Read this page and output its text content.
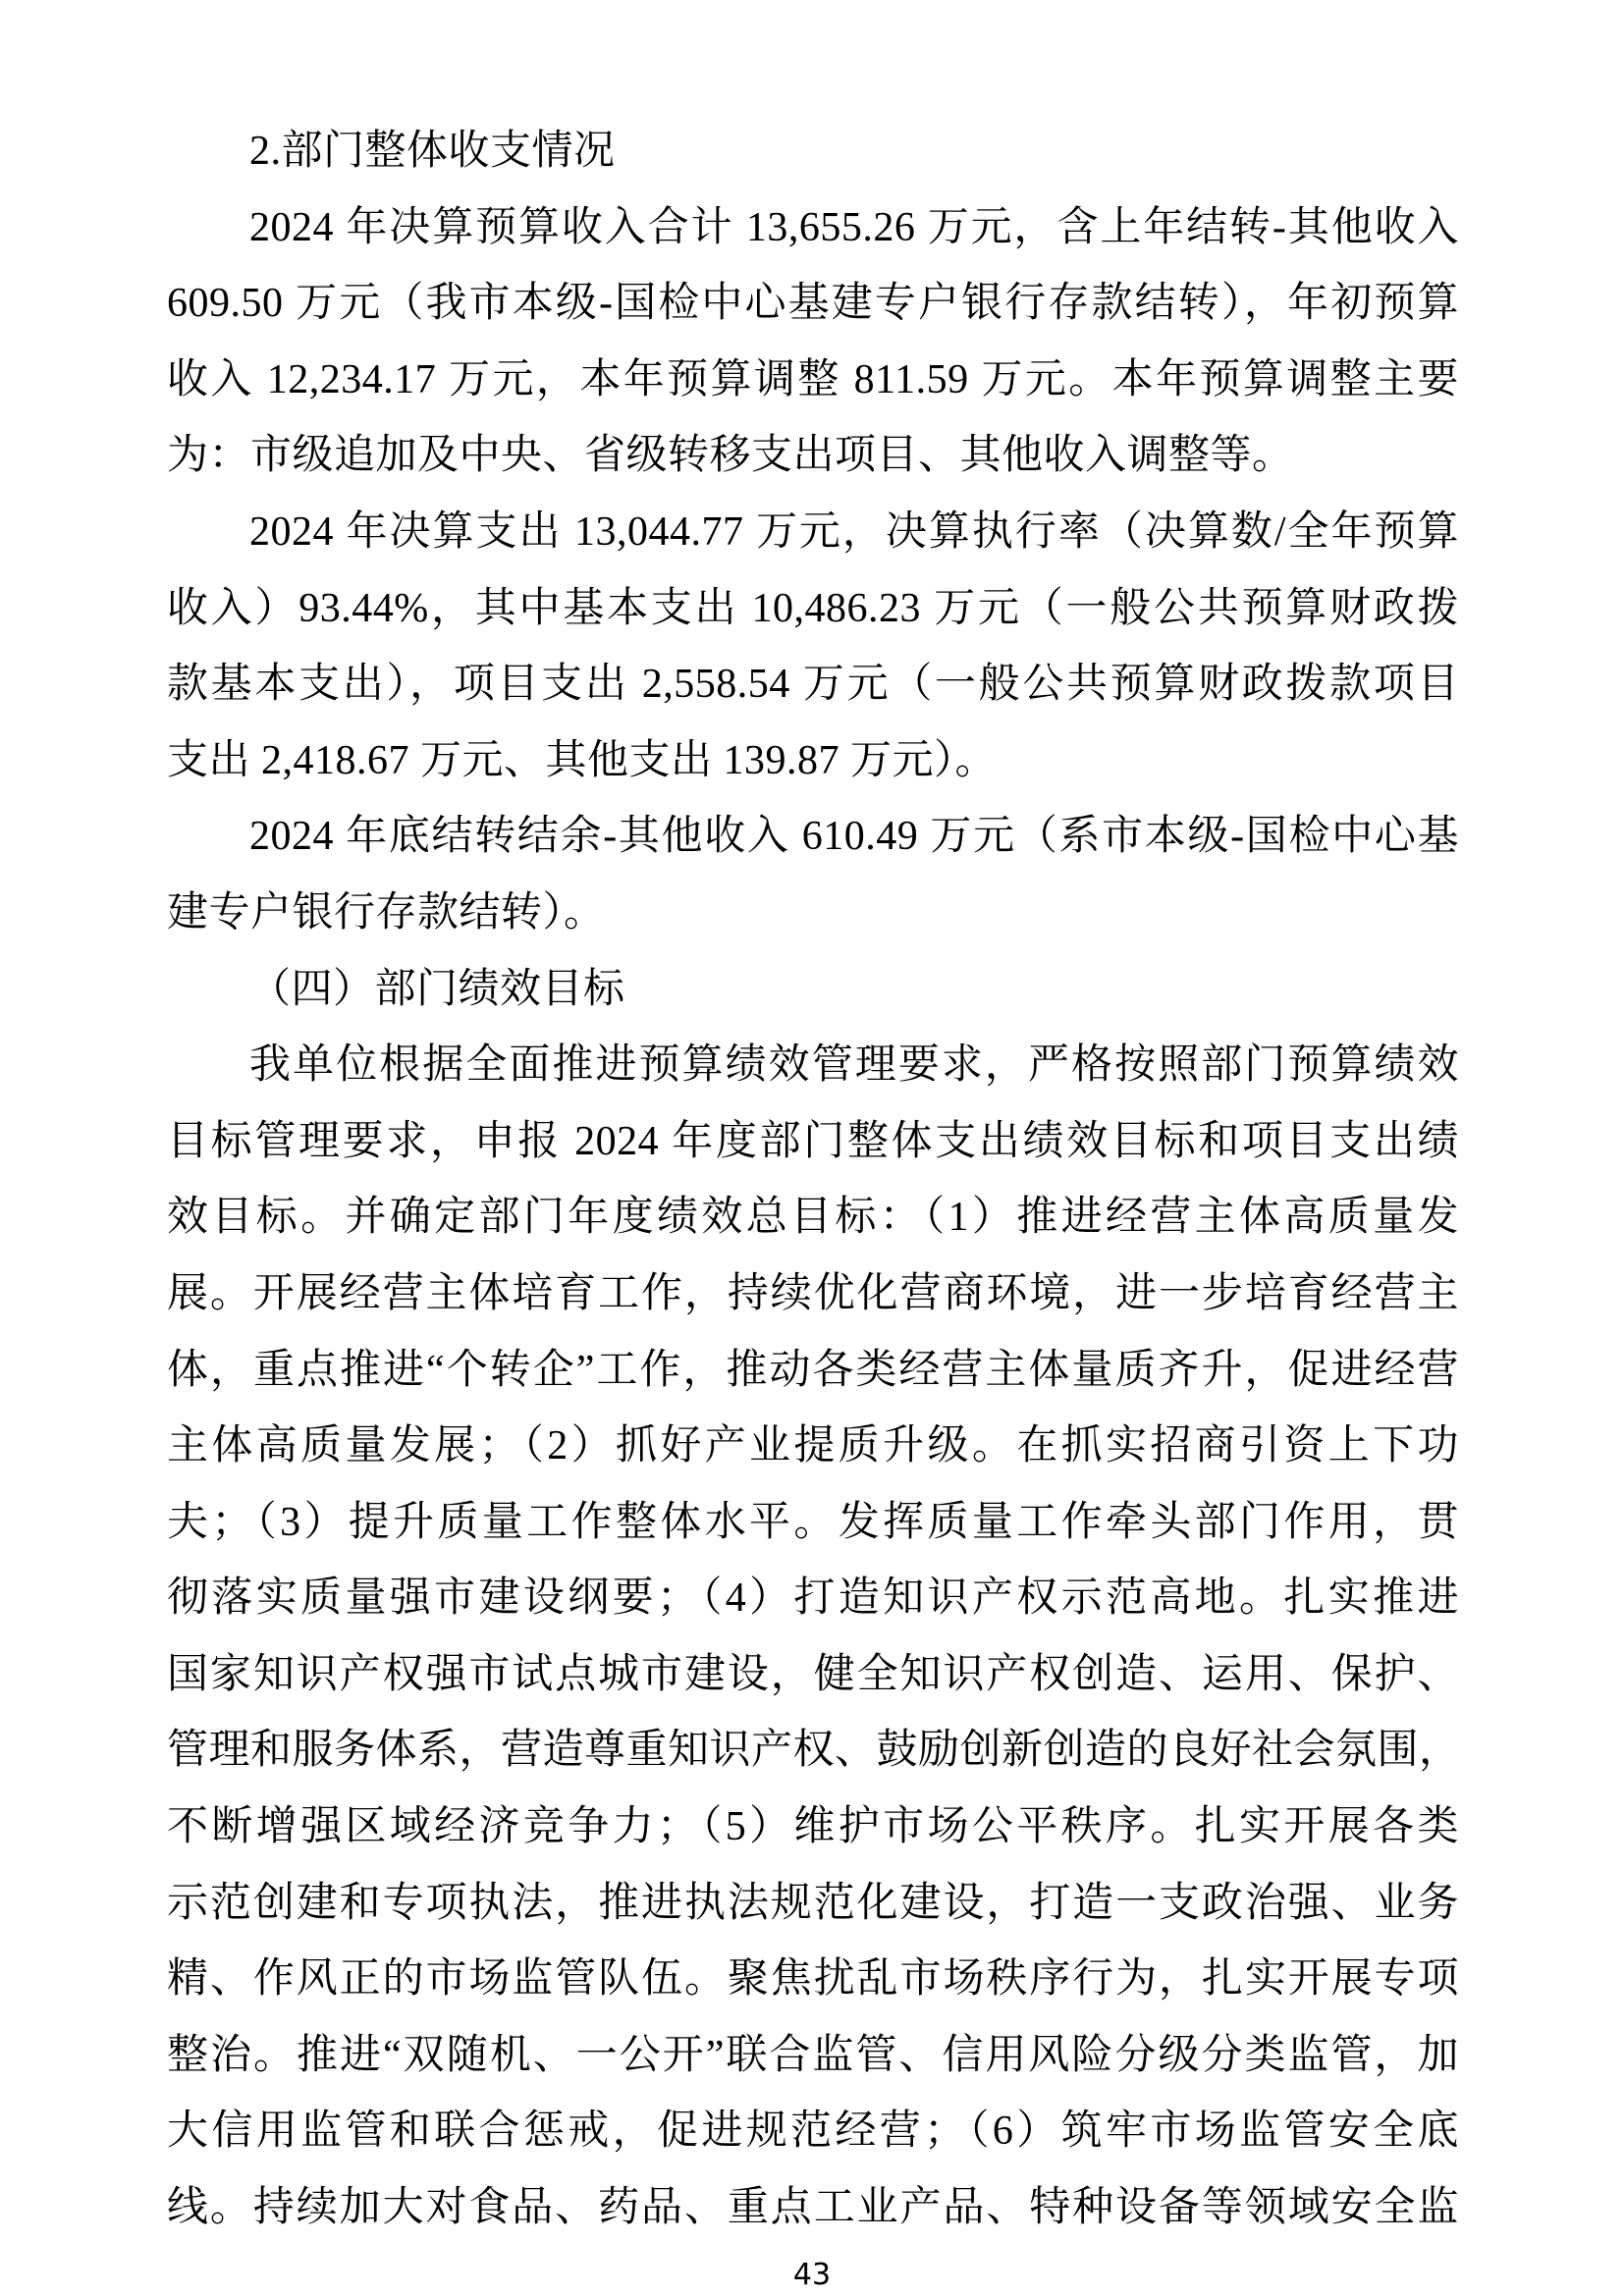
2.部门整体收支情况
2024 年决算预算收入合计 13,655.26 万元，含上年结转-其他收入
609.50 万元（我市本级-国检中心基建专户银行存款结转），年初预算
收入 12,234.17 万元，本年预算调整 811.59 万元。本年预算调整主要
为：市级追加及中央、省级转移支出项目、其他收入调整等。
2024 年决算支出 13,044.77 万元，决算执行率（决算数/全年预算
收入）93.44%，其中基本支出 10,486.23 万元（一般公共预算财政拨
款基本支出），项目支出 2,558.54 万元（一般公共预算财政拨款项目
支出 2,418.67 万元、其他支出 139.87 万元）。
2024 年底结转结余-其他收入 610.49 万元（系市本级-国检中心基
建专户银行存款结转）。
（四）部门绩效目标
我单位根据全面推进预算绩效管理要求，严格按照部门预算绩效
目标管理要求，申报 2024 年度部门整体支出绩效目标和项目支出绩
效目标。并确定部门年度绩效总目标：（1）推进经营主体高质量发
展。开展经营主体培育工作，持续优化营商环境，进一步培育经营主
体，重点推进“个转企”工作，推动各类经营主体量质齐升，促进经营
主体高质量发展；（2）抓好产业提质升级。在抓实招商引资上下功
夫；（3）提升质量工作整体水平。发挥质量工作牵头部门作用，贯
彻落实质量强市建设纲要；（4）打造知识产权示范高地。扎实推进
国家知识产权强市试点城市建设，健全知识产权创造、运用、保护、
管理和服务体系，营造尊重知识产权、鼓励创新创造的良好社会氛围，
不断增强区域经济竞争力；（5）维护市场公平秩序。扎实开展各类
示范创建和专项执法，推进执法规范化建设，打造一支政治强、业务
精、作风正的市场监管队伍。聚焦扰乱市场秩序行为，扎实开展专项
整治。推进“双随机、一公开”联合监管、信用风险分级分类监管，加
大信用监管和联合惩戒，促进规范经营；（6）筑牢市场监管安全底
线。持续加大对食品、药品、重点工业产品、特种设备等领域安全监
43
